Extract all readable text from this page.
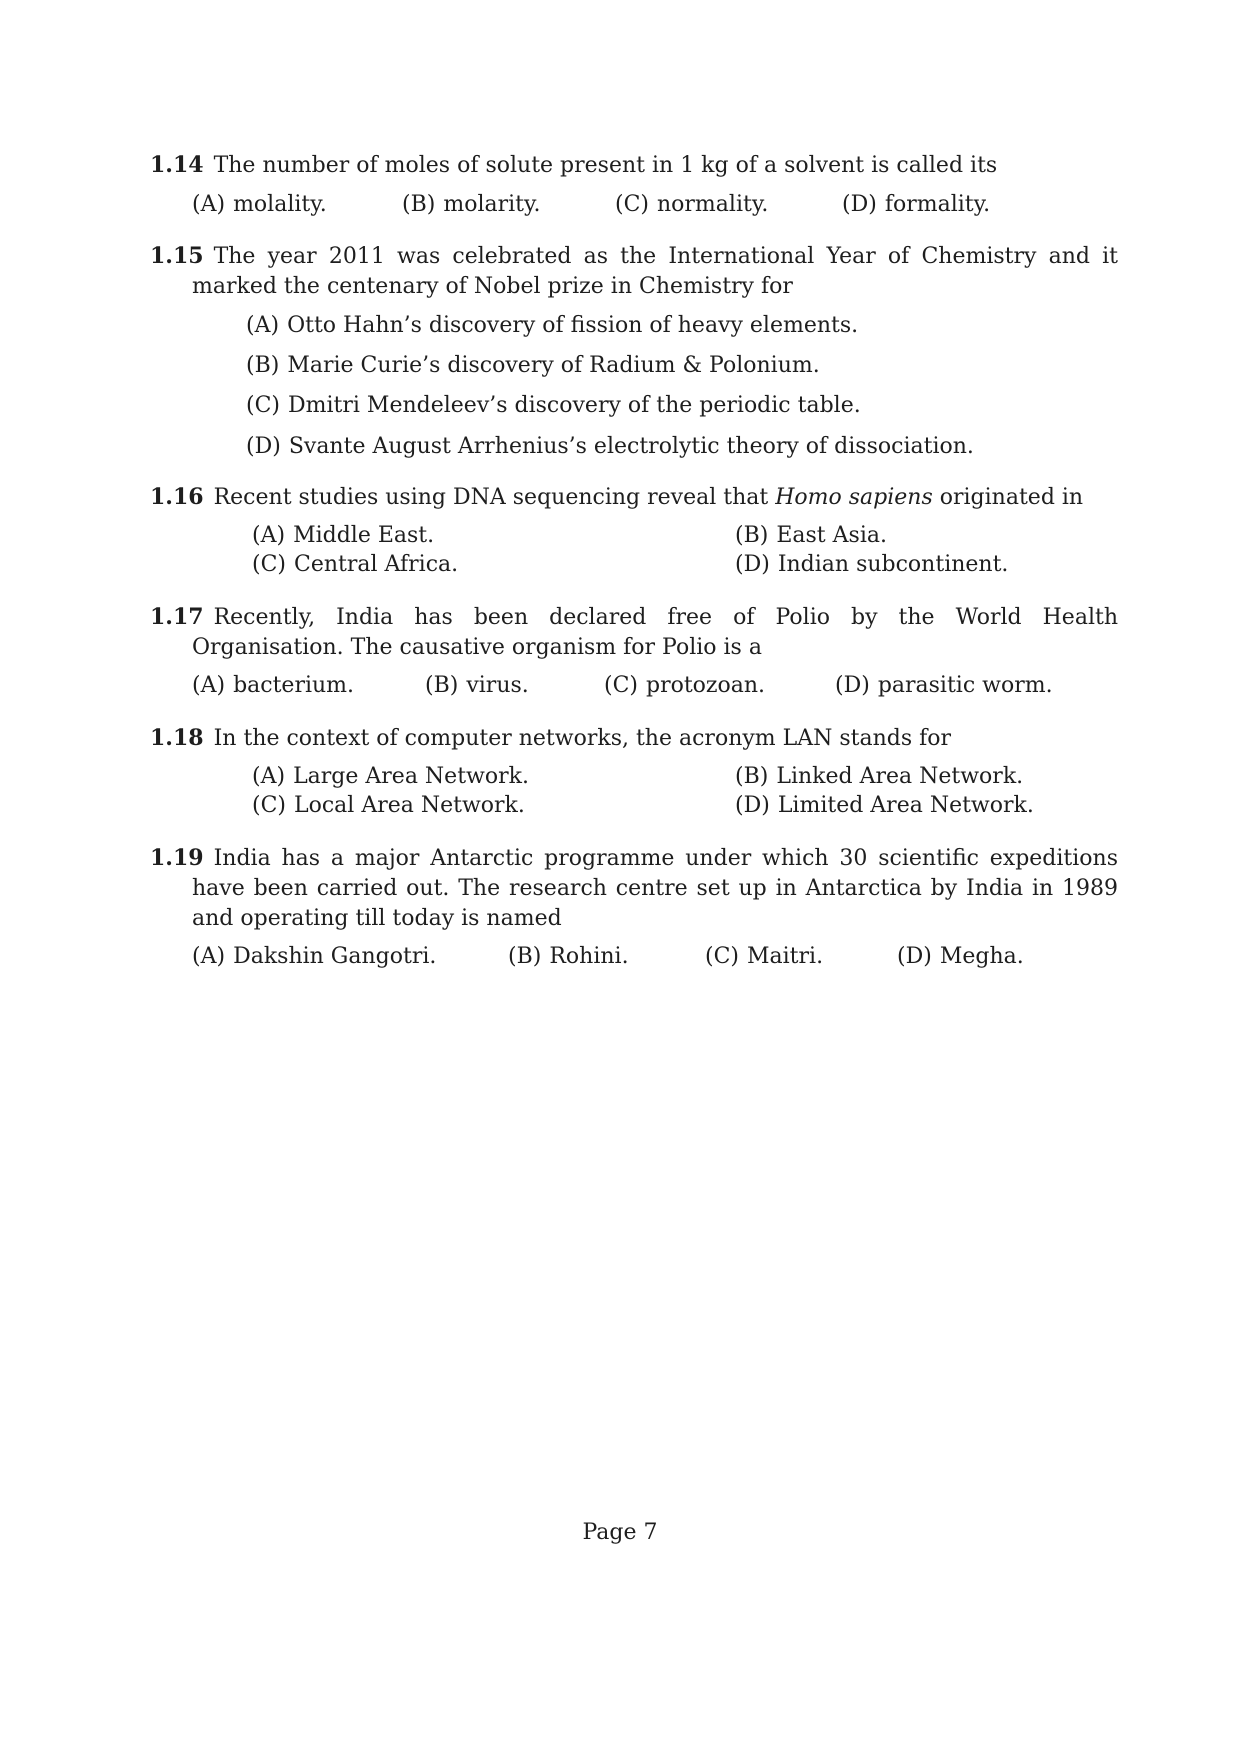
1.14 The number of moles of solute present in 1 kg of a solvent is called its
(A) molality.	(B) molarity.	(C) normality.	(D) formality.
1.15 The year 2011 was celebrated as the International Year of Chemistry and it marked the centenary of Nobel prize in Chemistry for
(A) Otto Hahn’s discovery of fission of heavy elements.
(B) Marie Curie’s discovery of Radium & Polonium.
(C) Dmitri Mendeleev’s discovery of the periodic table.
(D) Svante August Arrhenius’s electrolytic theory of dissociation.
1.16 Recent studies using DNA sequencing reveal that Homo sapiens originated in
(A) Middle East.	(B) East Asia.
(C) Central Africa.	(D) Indian subcontinent.
1.17 Recently, India has been declared free of Polio by the World Health Organisation. The causative organism for Polio is a
(A) bacterium.	(B) virus.	(C) protozoan.	(D) parasitic worm.
1.18 In the context of computer networks, the acronym LAN stands for
(A) Large Area Network.	(B) Linked Area Network.
(C) Local Area Network.	(D) Limited Area Network.
1.19 India has a major Antarctic programme under which 30 scientific expeditions have been carried out. The research centre set up in Antarctica by India in 1989 and operating till today is named
(A) Dakshin Gangotri.	(B) Rohini.	(C) Maitri.	(D) Megha.
Page 7
